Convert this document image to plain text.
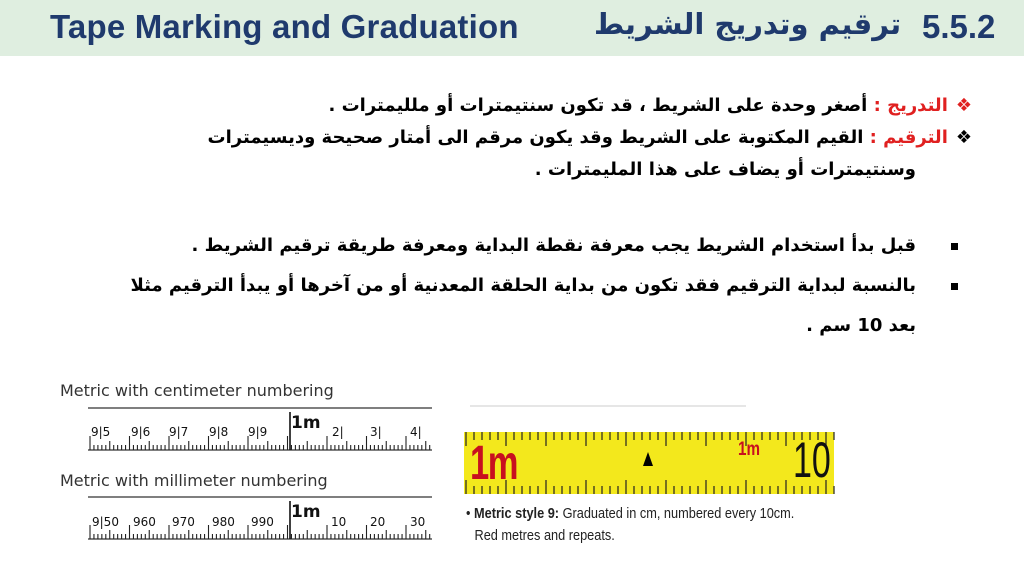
Tape Marking and Graduation	ترقيم وتدريج الشريط 5.5.2
❖التدريج : أصغر وحدة على الشريط ، قد تكون سنتيمترات أو ملليمترات .
❖الترقيم : القيم المكتوبة على الشريط وقد يكون مرقم الى أمتار صحيحة وديسيمترات
وسنتيمترات أو يضاف على هذا المليمترات .
قبل بدأ استخدام الشريط يجب معرفة نقطة البداية ومعرفة طريقة ترقيم الشريط .
بالنسبة لبداية الترقيم فقد تكون من بداية الحلقة المعدنية أو من آخرها أو يبدأ الترقيم مثلا
بعد 10 سم .
Metric with centimeter numbering
Metric with millimeter numbering
9|5 9|6 9|7 9|8 9|9 1m 2| 3| 4|
9|50 960 970 980 990 1m 10 20 30
1m	1m 10
• Metric style 9: Graduated in cm, numbered every 10cm.
Red metres and repeats.
